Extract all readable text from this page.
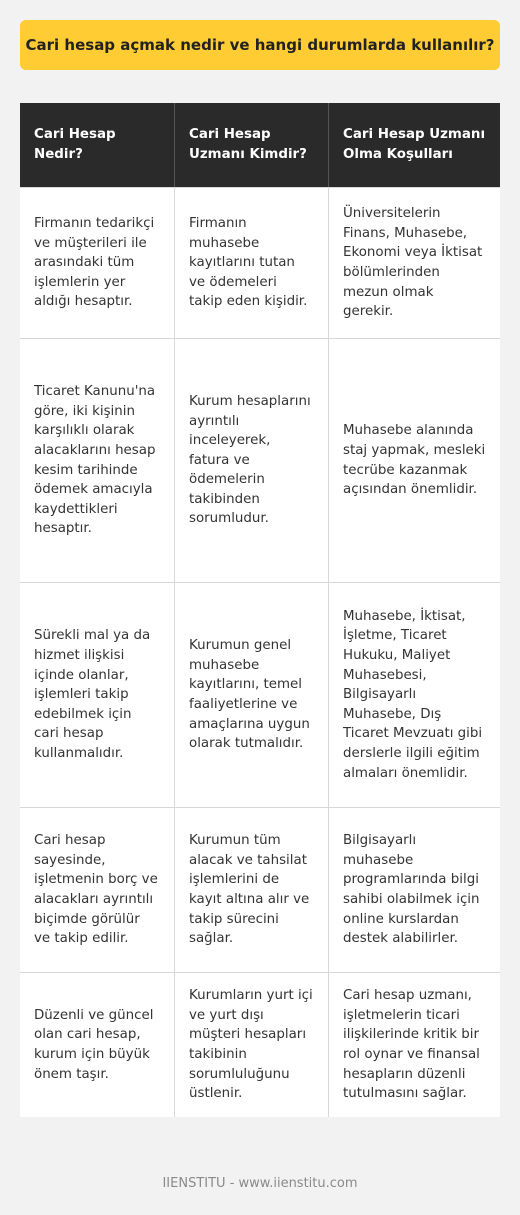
Cari hesap açmak nedir ve hangi durumlarda kullanılır?
Cari Hesap Nedir?
Cari Hesap Uzmanı Kimdir?
Cari Hesap Uzmanı Olma Koşulları
Firmanın tedarikçi ve müşterileri ile arasındaki tüm işlemlerin yer aldığı hesaptır.
Firmanın muhasebe kayıtlarını tutan ve ödemeleri takip eden kişidir.
Üniversitelerin Finans, Muhasebe, Ekonomi veya İktisat bölümlerinden mezun olmak gerekir.
Ticaret Kanunu'na göre, iki kişinin karşılıklı olarak alacaklarını hesap kesim tarihinde ödemek amacıyla kaydettikleri hesaptır.
Kurum hesaplarını ayrıntılı inceleyerek, fatura ve ödemelerin takibinden sorumludur.
Muhasebe alanında staj yapmak, mesleki tecrübe kazanmak açısından önemlidir.
Sürekli mal ya da hizmet ilişkisi içinde olanlar, işlemleri takip edebilmek için cari hesap kullanmalıdır.
Kurumun genel muhasebe kayıtlarını, temel faaliyetlerine ve amaçlarına uygun olarak tutmalıdır.
Muhasebe, İktisat, İşletme, Ticaret Hukuku, Maliyet Muhasebesi, Bilgisayarlı Muhasebe, Dış Ticaret Mevzuatı gibi derslerle ilgili eğitim almaları önemlidir.
Cari hesap sayesinde, işletmenin borç ve alacakları ayrıntılı biçimde görülür ve takip edilir.
Kurumun tüm alacak ve tahsilat işlemlerini de kayıt altına alır ve takip sürecini sağlar.
Bilgisayarlı muhasebe programlarında bilgi sahibi olabilmek için online kurslardan destek alabilirler.
Düzenli ve güncel olan cari hesap, kurum için büyük önem taşır.
Kurumların yurt içi ve yurt dışı müşteri hesapları takibinin sorumluluğunu üstlenir.
Cari hesap uzmanı, işletmelerin ticari ilişkilerinde kritik bir rol oynar ve finansal hesapların düzenli tutulmasını sağlar.
IIENSTITU - www.iienstitu.com
